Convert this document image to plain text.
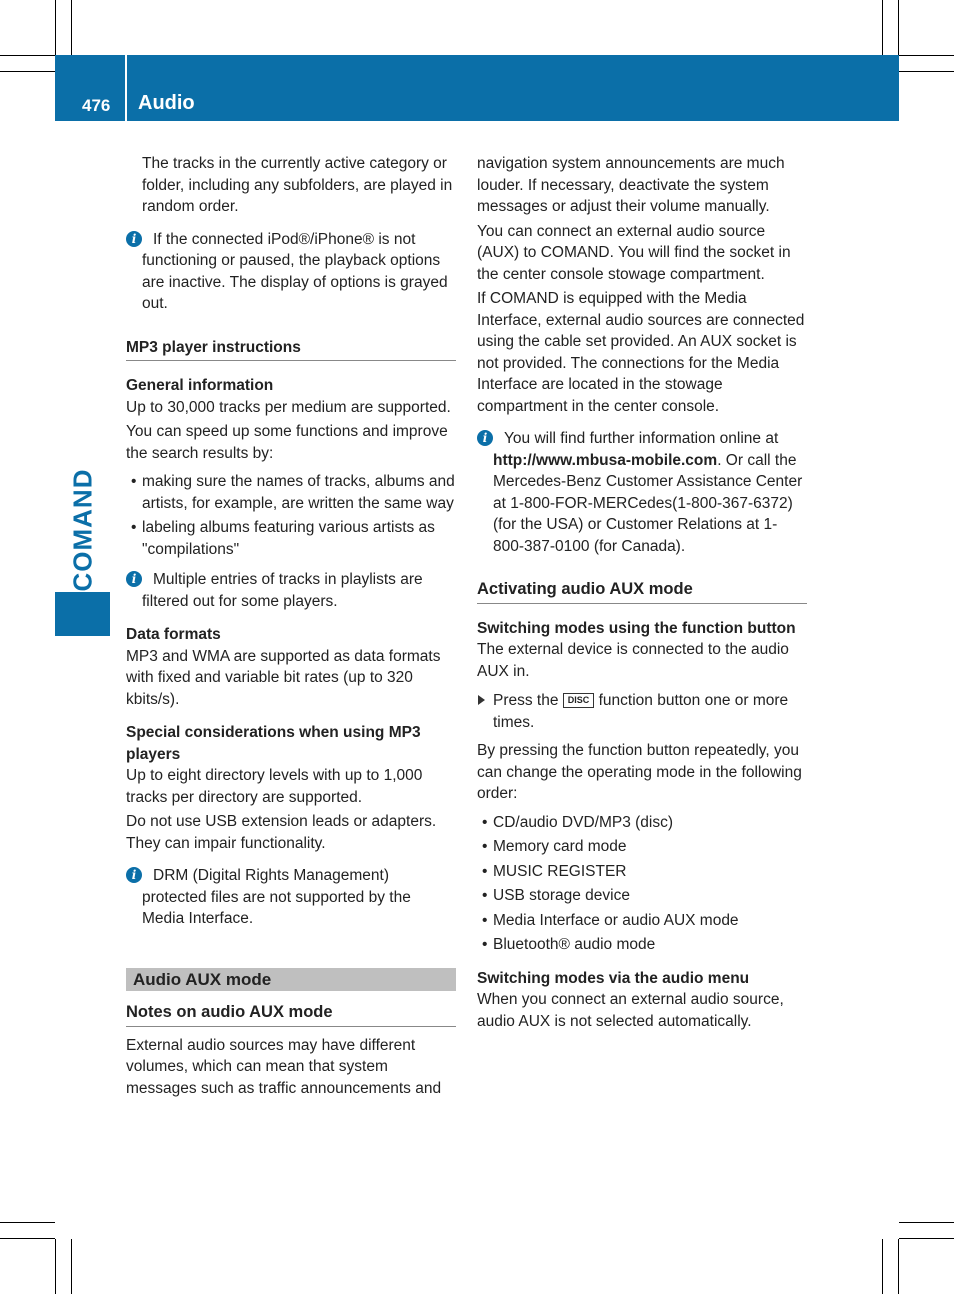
476 Audio
COMAND

The tracks in the currently active category or folder, including any subfolders, are played in random order.

i	If the connected iPod®/iPhone® is not functioning or paused, the playback options are inactive. The display of options is grayed out.

MP3 player instructions

General information

Up to 30,000 tracks per medium are supported.

You can speed up some functions and improve the search results by:

• making sure the names of tracks, albums and artists, for example, are written the same way

• labeling albums featuring various artists as "compilations"

i	Multiple entries of tracks in playlists are filtered out for some players.

Data formats

MP3 and WMA are supported as data formats with fixed and variable bit rates (up to 320 kbits/s).

Special considerations when using MP3 players

Up to eight directory levels with up to 1,000 tracks per directory are supported.

Do not use USB extension leads or adapters. They can impair functionality.

i	DRM (Digital Rights Management) protected files are not supported by the Media Interface.

Audio AUX mode

Notes on audio AUX mode

External audio sources may have different volumes, which can mean that system messages such as traffic announcements and

navigation system announcements are much louder. If necessary, deactivate the system messages or adjust their volume manually.

You can connect an external audio source (AUX) to COMAND. You will find the socket in the center console stowage compartment.

If COMAND is equipped with the Media Interface, external audio sources are connected using the cable set provided. An AUX socket is not provided. The connections for the Media Interface are located in the stowage compartment in the center console.

i	You will find further information online at http://www.mbusa-mobile.com. Or call the Mercedes-Benz Customer Assistance Center at 1-800-FOR-MERCedes(1-800-367-6372) (for the USA) or Customer Relations at 1-800-387-0100 (for Canada).

Activating audio AUX mode

Switching modes using the function button

The external device is connected to the audio AUX in.

Press the DISC function button one or more times.

By pressing the function button repeatedly, you can change the operating mode in the following order:

• CD/audio DVD/MP3 (disc)

• Memory card mode

• MUSIC REGISTER

• USB storage device

• Media Interface or audio AUX mode

• Bluetooth® audio mode

Switching modes via the audio menu

When you connect an external audio source, audio AUX is not selected automatically.
